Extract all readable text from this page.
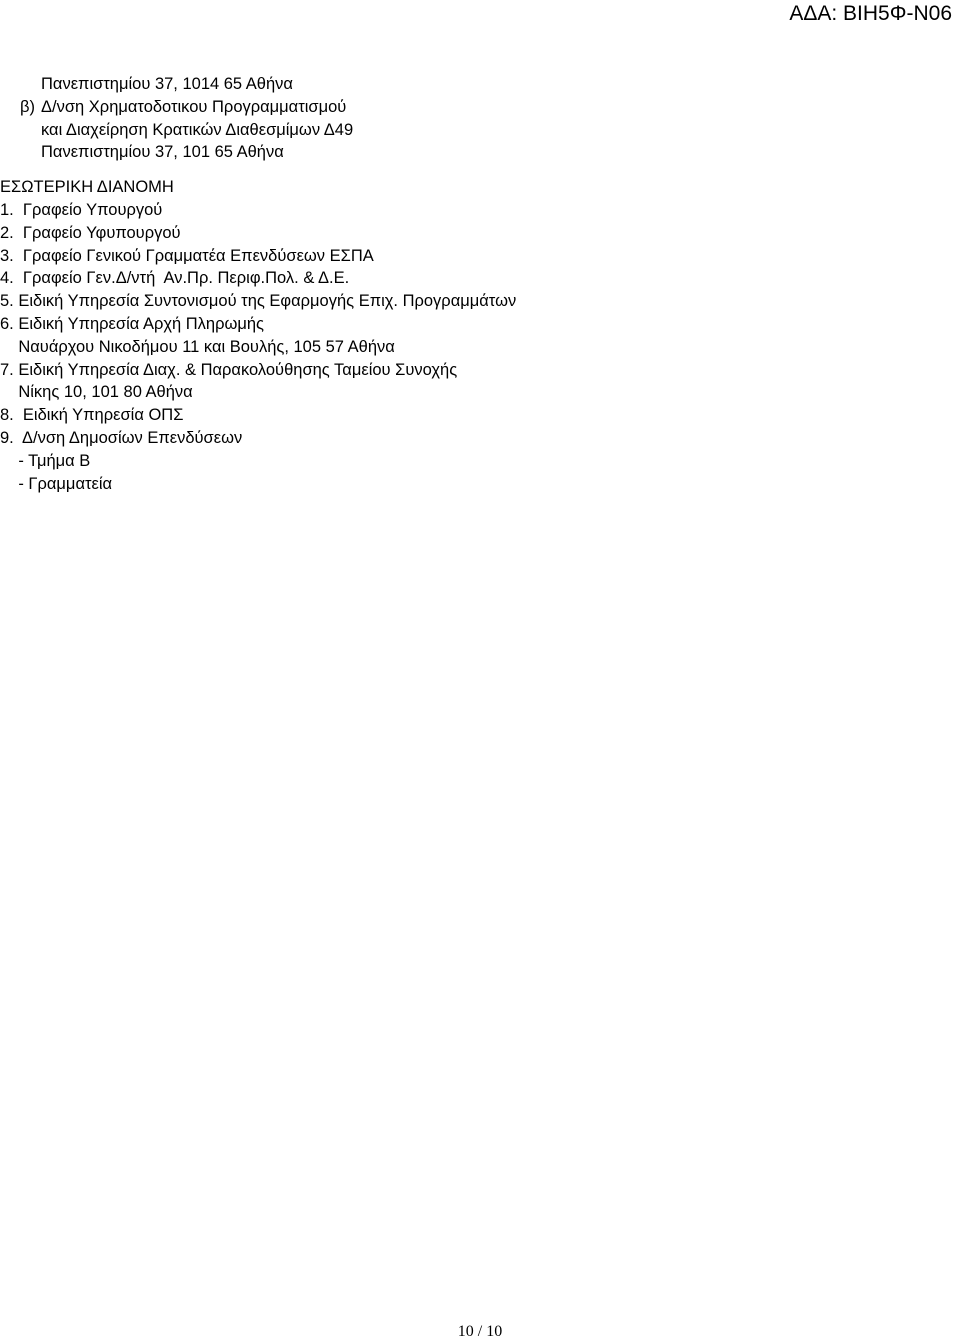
ΑΔΑ: ΒΙΗ5Φ-Ν06

Πανεπιστημίου 37, 1014 65 Αθήνα

β)

Δ/νση Χρηματοδοτικου Προγραμματισμού

και Διαχείρηση Κρατικών Διαθεσμίμων Δ49

Πανεπιστημίου 37, 101 65 Αθήνα

ΕΣΩΤΕΡΙΚΗ ΔΙΑΝΟΜΗ

1.  Γραφείο Υπουργού
2.  Γραφείο Υφυπουργού
3.  Γραφείο Γενικού Γραμματέα Επενδύσεων ΕΣΠΑ
4.  Γραφείο Γεν.Δ/ντή  Αν.Πρ. Περιφ.Πολ. & Δ.Ε.
5. Ειδική Υπηρεσία Συντονισμού της Εφαρμογής Επιχ. Προγραμμάτων
6. Ειδική Υπηρεσία Αρχή Πληρωμής
Ναυάρχου Νικοδήμου 11 και Βουλής, 105 57 Αθήνα
7. Ειδική Υπηρεσία Διαχ. & Παρακολούθησης Ταμείου Συνοχής
Νίκης 10, 101 80 Αθήνα
8.  Ειδική Υπηρεσία ΟΠΣ
9.  Δ/νση Δημοσίων Επενδύσεων
- Τμήμα Β
- Γραμματεία
10 / 10
